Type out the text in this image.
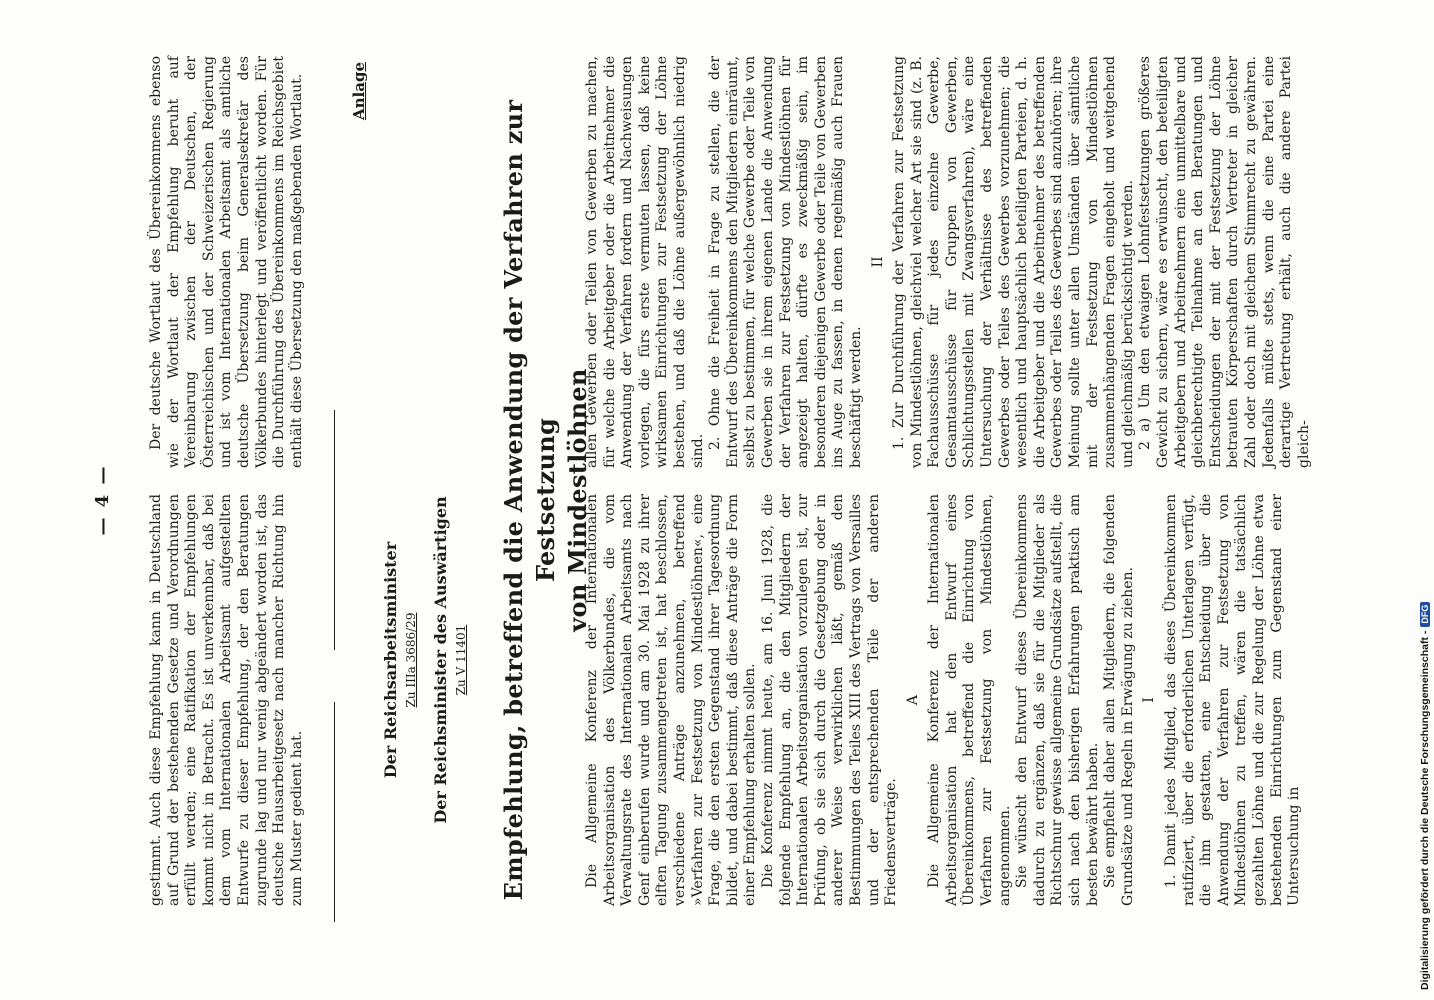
— 4 —	gestimmt. Auch diese Empfehlung kann in Deutschland auf Grund der bestehenden Gesetze und Verordnungen erfüllt werden; eine Ratifikation der Empfehlungen kommt nicht in Betracht. Es ist unverkennbar, daß bei dem vom Internationalen Arbeitsamt aufgestellten Entwurfe zu dieser Empfehlung, der den Beratungen zugrunde lag und nur wenig abgeändert worden ist, das deutsche Hausarbeitgesetz nach mancher Richtung hin zum Muster gedient hat.

Der deutsche Wortlaut des Übereinkommens ebenso wie der Wortlaut der Empfehlung beruht auf Vereinbarung zwischen der Deutschen, der Österreichischen und der Schweizerischen Regierung und ist vom Internationalen Arbeitsamt als amtliche deutsche Übersetzung beim Generalsekretär des Völkerbundes hinterlegt und veröffentlicht worden. Für die Durchführung des Übereinkommens im Reichsgebiet enthält diese Übersetzung den maßgebenden Wortlaut.	Anlage
Der Reichsarbeitsminister Zu IIIa 3686/29 Der Reichsminister des Auswärtigen Zu V 11401 Empfehlung, betreffend die Anwendung der Verfahren zur Festsetzung von Mindestlöhnen

Die Allgemeine Konferenz der Internationalen Arbeitsorganisation des Völkerbundes, die vom Verwaltungsrate des Internationalen Arbeitsamts nach Genf einberufen wurde und am 30. Mai 1928 zu ihrer elften Tagung zusammengetreten ist, hat beschlossen, verschiedene Anträge anzunehmen, betreffend »Verfahren zur Festsetzung von Mindestlöhnen«, eine Frage, die den ersten Gegenstand ihrer Tagesordnung bildet, und dabei bestimmt, daß diese Anträge die Form einer Empfehlung erhalten sollen. Die Konferenz nimmt heute, am 16. Juni 1928, die folgende Empfehlung an, die den Mitgliedern der Internationalen Arbeitsorganisation vorzulegen ist, zur Prüfung, ob sie sich durch die Gesetzgebung oder in anderer Weise verwirklichen läßt, gemäß den Bestimmungen des Teiles XIII des Vertrags von Versailles und der entsprechenden Teile der anderen Friedensverträge.

A Die Allgemeine Konferenz der Internationalen Arbeitsorganisation hat den Entwurf eines Übereinkommens, betreffend die Einrichtung von Verfahren zur Festsetzung von Mindestlöhnen, angenommen. Sie wünscht den Entwurf dieses Übereinkommens dadurch zu ergänzen, daß sie für die Mitglieder als Richtschnur gewisse allgemeine Grundsätze aufstellt, die sich nach den bisherigen Erfahrungen praktisch am besten bewährt haben. Sie empfiehlt daher allen Mitgliedern, die folgenden Grundsätze und Regeln in Erwägung zu ziehen. I 1. Damit jedes Mitglied, das dieses Übereinkommen ratifiziert, über die erforderlichen Unterlagen verfügt, die ihm gestatten, eine Entscheidung über die Anwendung der Verfahren zur Festsetzung von Mindestlöhnen zu treffen, wären die tatsächlich gezahlten Löhne und die zur Regelung der Löhne etwa bestehenden Einrichtungen zum Gegenstand einer Untersuchung in

allen Gewerben oder Teilen von Gewerben zu machen, für welche die Arbeitgeber oder die Arbeitnehmer die Anwendung der Verfahren fordern und Nachweisungen vorlegen, die fürs erste vermuten lassen, daß keine wirksamen Einrichtungen zur Festsetzung der Löhne bestehen, und daß die Löhne außergewöhnlich niedrig sind.

2. Ohne die Freiheit in Frage zu stellen, die der Entwurf des Übereinkommens den Mitgliedern einräumt, selbst zu bestimmen, für welche Gewerbe oder Teile von Gewerben sie in ihrem eigenen Lande die Anwendung der Verfahren zur Festsetzung von Mindestlöhnen für angezeigt halten, dürfte es zweckmäßig sein, im besonderen diejenigen Gewerbe oder Teile von Gewerben ins Auge zu fassen, in denen regelmäßig auch Frauen beschäftigt werden.

II 1. Zur Durchführung der Verfahren zur Festsetzung von Mindestlöhnen, gleichviel welcher Art sie sind (z. B. Fachausschüsse für jedes einzelne Gewerbe, Gesamtausschüsse für Gruppen von Gewerben, Schlichtungsstellen mit Zwangsverfahren), wäre eine Untersuchung der Verhältnisse des betreffenden Gewerbes oder Teiles des Gewerbes vorzunehmen; die wesentlich und hauptsächlich beteiligten Parteien, d. h. die Arbeitgeber und die Arbeitnehmer des betreffenden Gewerbes oder Teiles des Gewerbes sind anzuhören; ihre Meinung sollte unter allen Umständen über sämtliche mit der Festsetzung von Mindestlöhnen zusammenhängenden Fragen eingeholt und weitgehend und gleichmäßig berücksichtigt werden. 2 a) Um den etwaigen Lohnfestsetzungen größeres Gewicht zu sichern, wäre es erwünscht, den beteiligten Arbeitgebern und Arbeitnehmern eine unmittelbare und gleichberechtigte Teilnahme an den Beratungen und Entscheidungen der mit der Festsetzung der Löhne betrauten Körperschaften durch Vertreter in gleicher Zahl oder doch mit gleichem Stimmrecht zu gewähren. Jedenfalls müßte stets, wenn die eine Partei eine derartige Vertretung erhält, auch die andere Partei gleich-

Digitalisierung gefördert durch die Deutsche Forschungsgemeinschaft -
DFG
